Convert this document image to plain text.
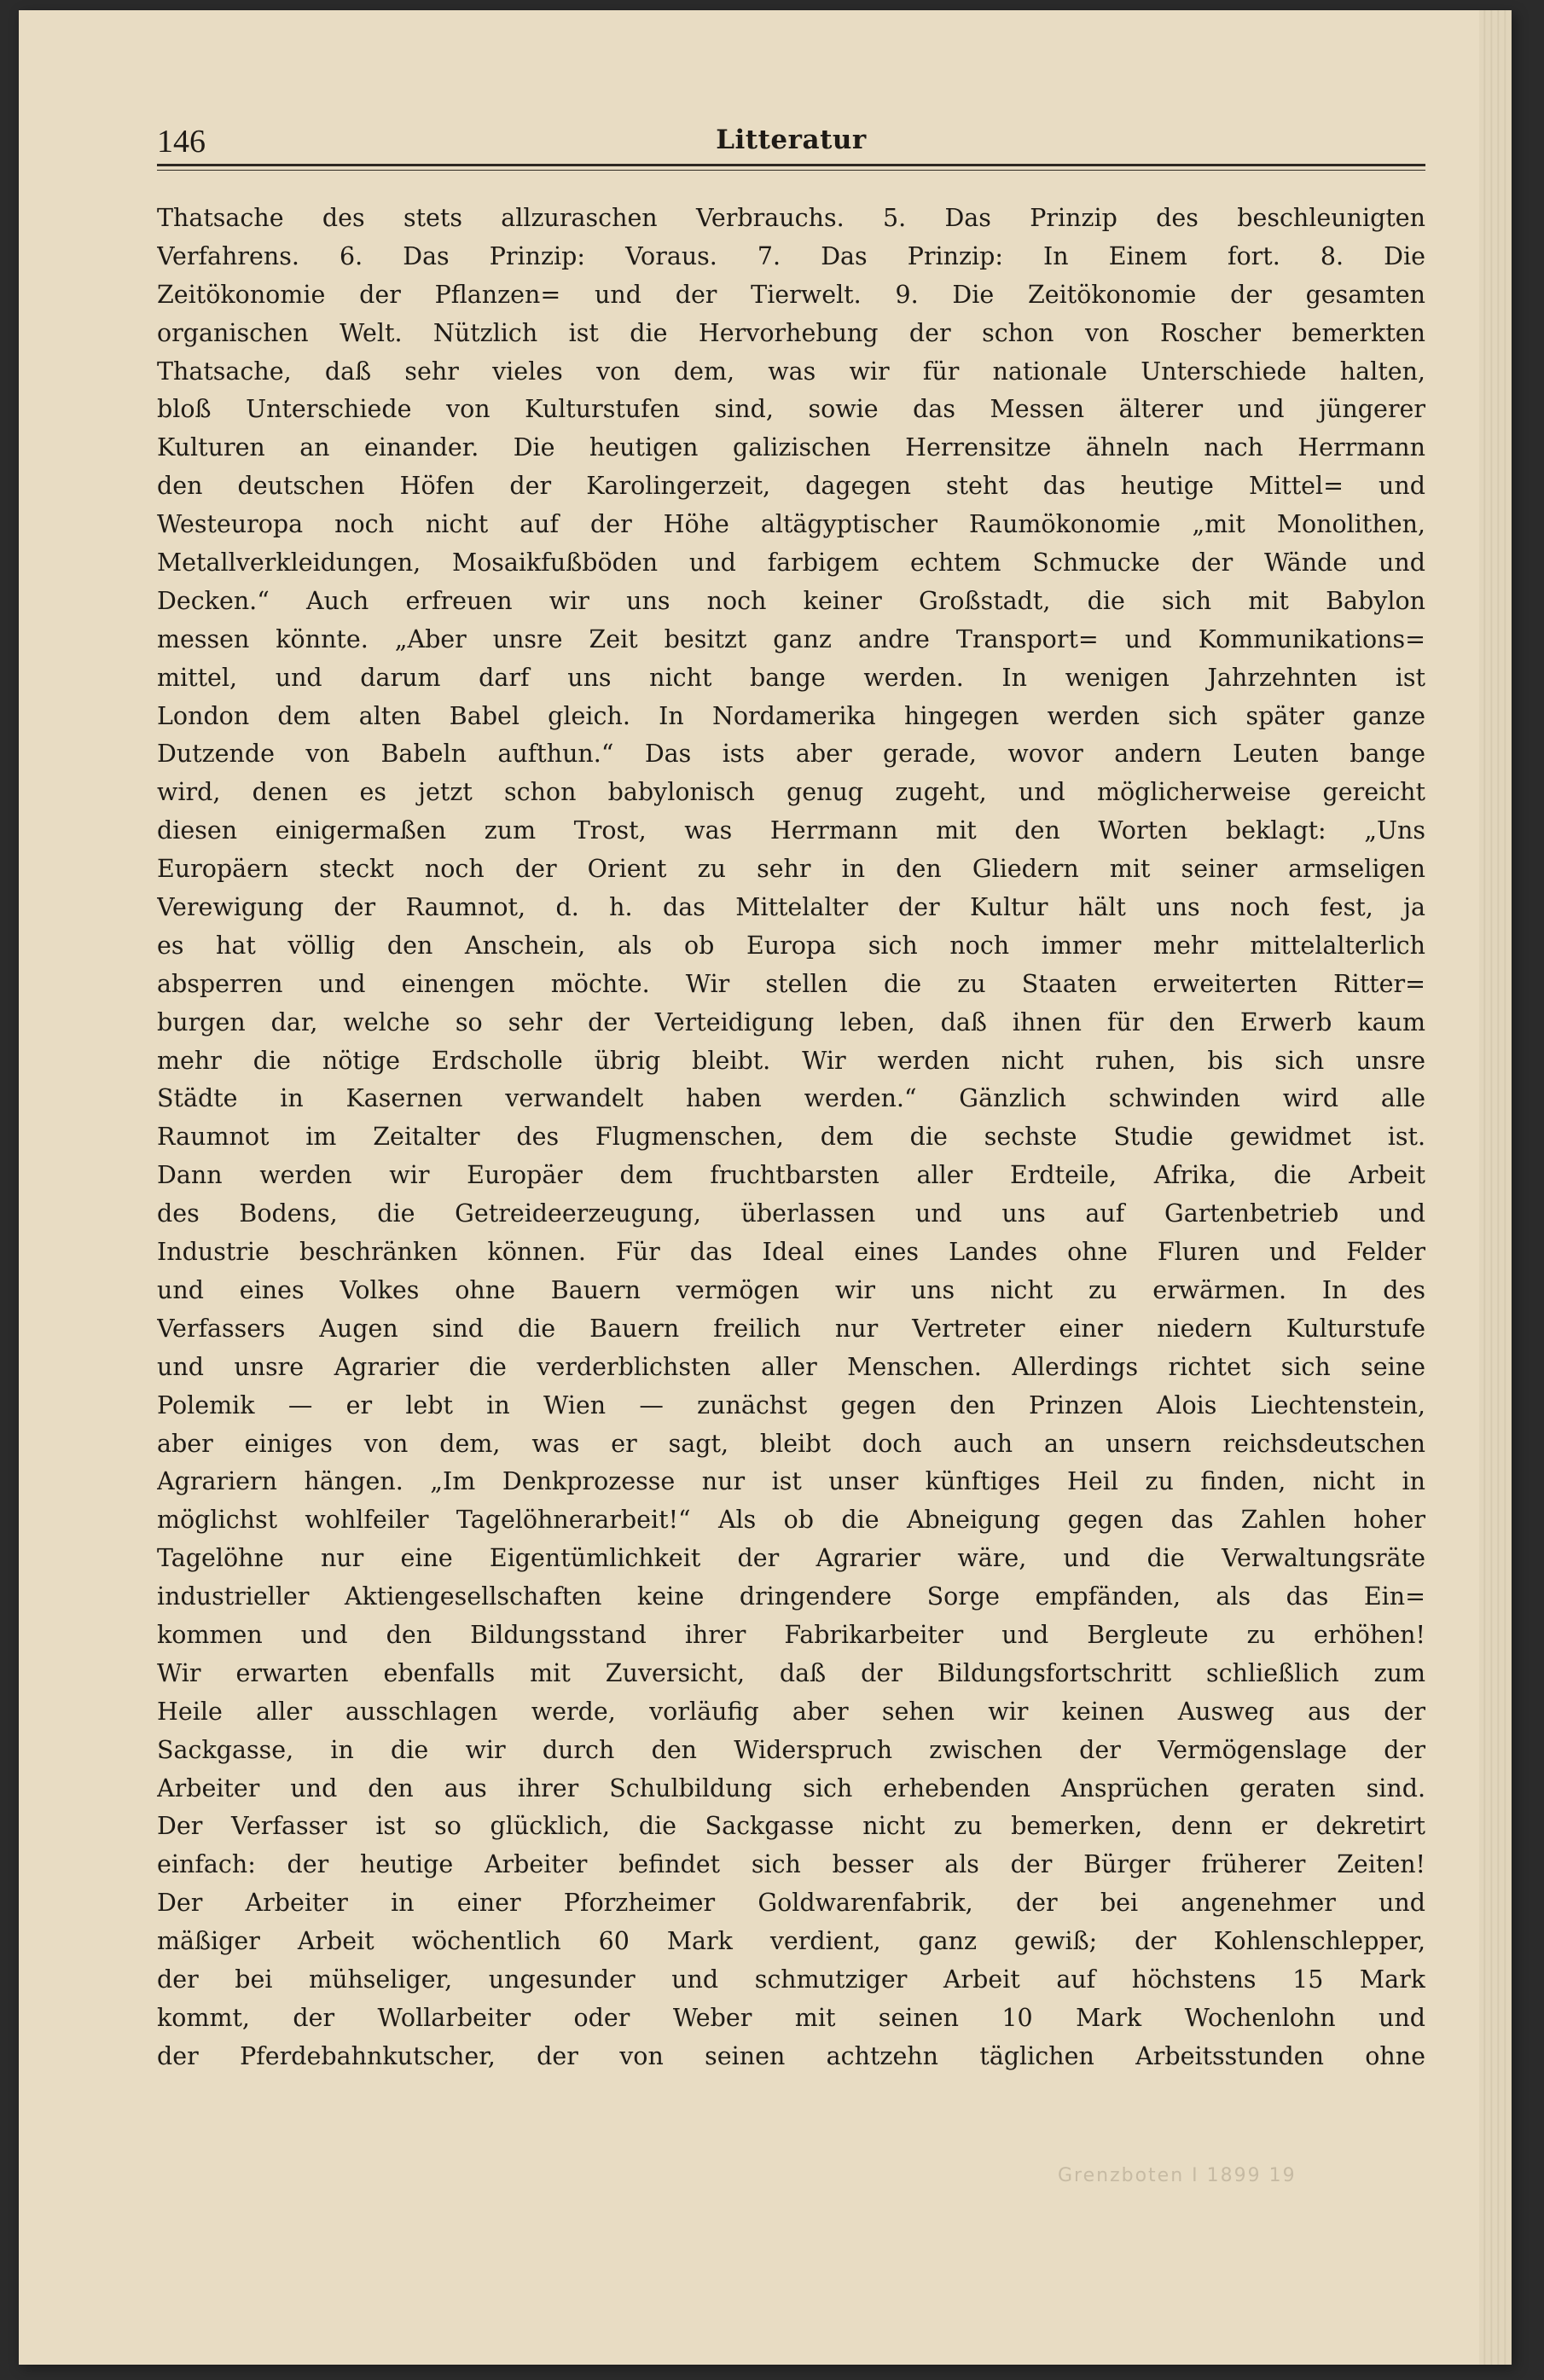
146	Litteratur
Thatsache des stets allzuraschen Verbrauchs. 5. Das Prinzip des beschleunigten
Verfahrens. 6. Das Prinzip: Voraus. 7. Das Prinzip: In Einem fort. 8. Die
Zeitökonomie der Pflanzen= und der Tierwelt. 9. Die Zeitökonomie der gesamten
organischen Welt. Nützlich ist die Hervorhebung der schon von Roscher bemerkten
Thatsache, daß sehr vieles von dem, was wir für nationale Unterschiede halten,
bloß Unterschiede von Kulturstufen sind, sowie das Messen älterer und jüngerer
Kulturen an einander. Die heutigen galizischen Herrensitze ähneln nach Herrmann
den deutschen Höfen der Karolingerzeit, dagegen steht das heutige Mittel= und
Westeuropa noch nicht auf der Höhe altägyptischer Raumökonomie „mit Monolithen,
Metallverkleidungen, Mosaikfußböden und farbigem echtem Schmucke der Wände und
Decken.“ Auch erfreuen wir uns noch keiner Großstadt, die sich mit Babylon
messen könnte. „Aber unsre Zeit besitzt ganz andre Transport= und Kommunikations=
mittel, und darum darf uns nicht bange werden. In wenigen Jahrzehnten ist
London dem alten Babel gleich. In Nordamerika hingegen werden sich später ganze
Dutzende von Babeln aufthun.“ Das ists aber gerade, wovor andern Leuten bange
wird, denen es jetzt schon babylonisch genug zugeht, und möglicherweise gereicht
diesen einigermaßen zum Trost, was Herrmann mit den Worten beklagt: „Uns
Europäern steckt noch der Orient zu sehr in den Gliedern mit seiner armseligen
Verewigung der Raumnot, d. h. das Mittelalter der Kultur hält uns noch fest, ja
es hat völlig den Anschein, als ob Europa sich noch immer mehr mittelalterlich
absperren und einengen möchte. Wir stellen die zu Staaten erweiterten Ritter=
burgen dar, welche so sehr der Verteidigung leben, daß ihnen für den Erwerb kaum
mehr die nötige Erdscholle übrig bleibt. Wir werden nicht ruhen, bis sich unsre
Städte in Kasernen verwandelt haben werden.“ Gänzlich schwinden wird alle
Raumnot im Zeitalter des Flugmenschen, dem die sechste Studie gewidmet ist.
Dann werden wir Europäer dem fruchtbarsten aller Erdteile, Afrika, die Arbeit
des Bodens, die Getreideerzeugung, überlassen und uns auf Gartenbetrieb und
Industrie beschränken können. Für das Ideal eines Landes ohne Fluren und Felder
und eines Volkes ohne Bauern vermögen wir uns nicht zu erwärmen. In des
Verfassers Augen sind die Bauern freilich nur Vertreter einer niedern Kulturstufe
und unsre Agrarier die verderblichsten aller Menschen. Allerdings richtet sich seine
Polemik — er lebt in Wien — zunächst gegen den Prinzen Alois Liechtenstein,
aber einiges von dem, was er sagt, bleibt doch auch an unsern reichsdeutschen
Agrariern hängen. „Im Denkprozesse nur ist unser künftiges Heil zu finden, nicht in
möglichst wohlfeiler Tagelöhnerarbeit!“ Als ob die Abneigung gegen das Zahlen hoher
Tagelöhne nur eine Eigentümlichkeit der Agrarier wäre, und die Verwaltungsräte
industrieller Aktiengesellschaften keine dringendere Sorge empfänden, als das Ein=
kommen und den Bildungsstand ihrer Fabrikarbeiter und Bergleute zu erhöhen!
Wir erwarten ebenfalls mit Zuversicht, daß der Bildungsfortschritt schließlich zum
Heile aller ausschlagen werde, vorläufig aber sehen wir keinen Ausweg aus der
Sackgasse, in die wir durch den Widerspruch zwischen der Vermögenslage der
Arbeiter und den aus ihrer Schulbildung sich erhebenden Ansprüchen geraten sind.
Der Verfasser ist so glücklich, die Sackgasse nicht zu bemerken, denn er dekretirt
einfach: der heutige Arbeiter befindet sich besser als der Bürger früherer Zeiten!
Der Arbeiter in einer Pforzheimer Goldwarenfabrik, der bei angenehmer und
mäßiger Arbeit wöchentlich 60 Mark verdient, ganz gewiß; der Kohlenschlepper,
der bei mühseliger, ungesunder und schmutziger Arbeit auf höchstens 15 Mark
kommt, der Wollarbeiter oder Weber mit seinen 10 Mark Wochenlohn und
der Pferdebahnkutscher, der von seinen achtzehn täglichen Arbeitsstunden ohne
Grenzboten I 1899 19
